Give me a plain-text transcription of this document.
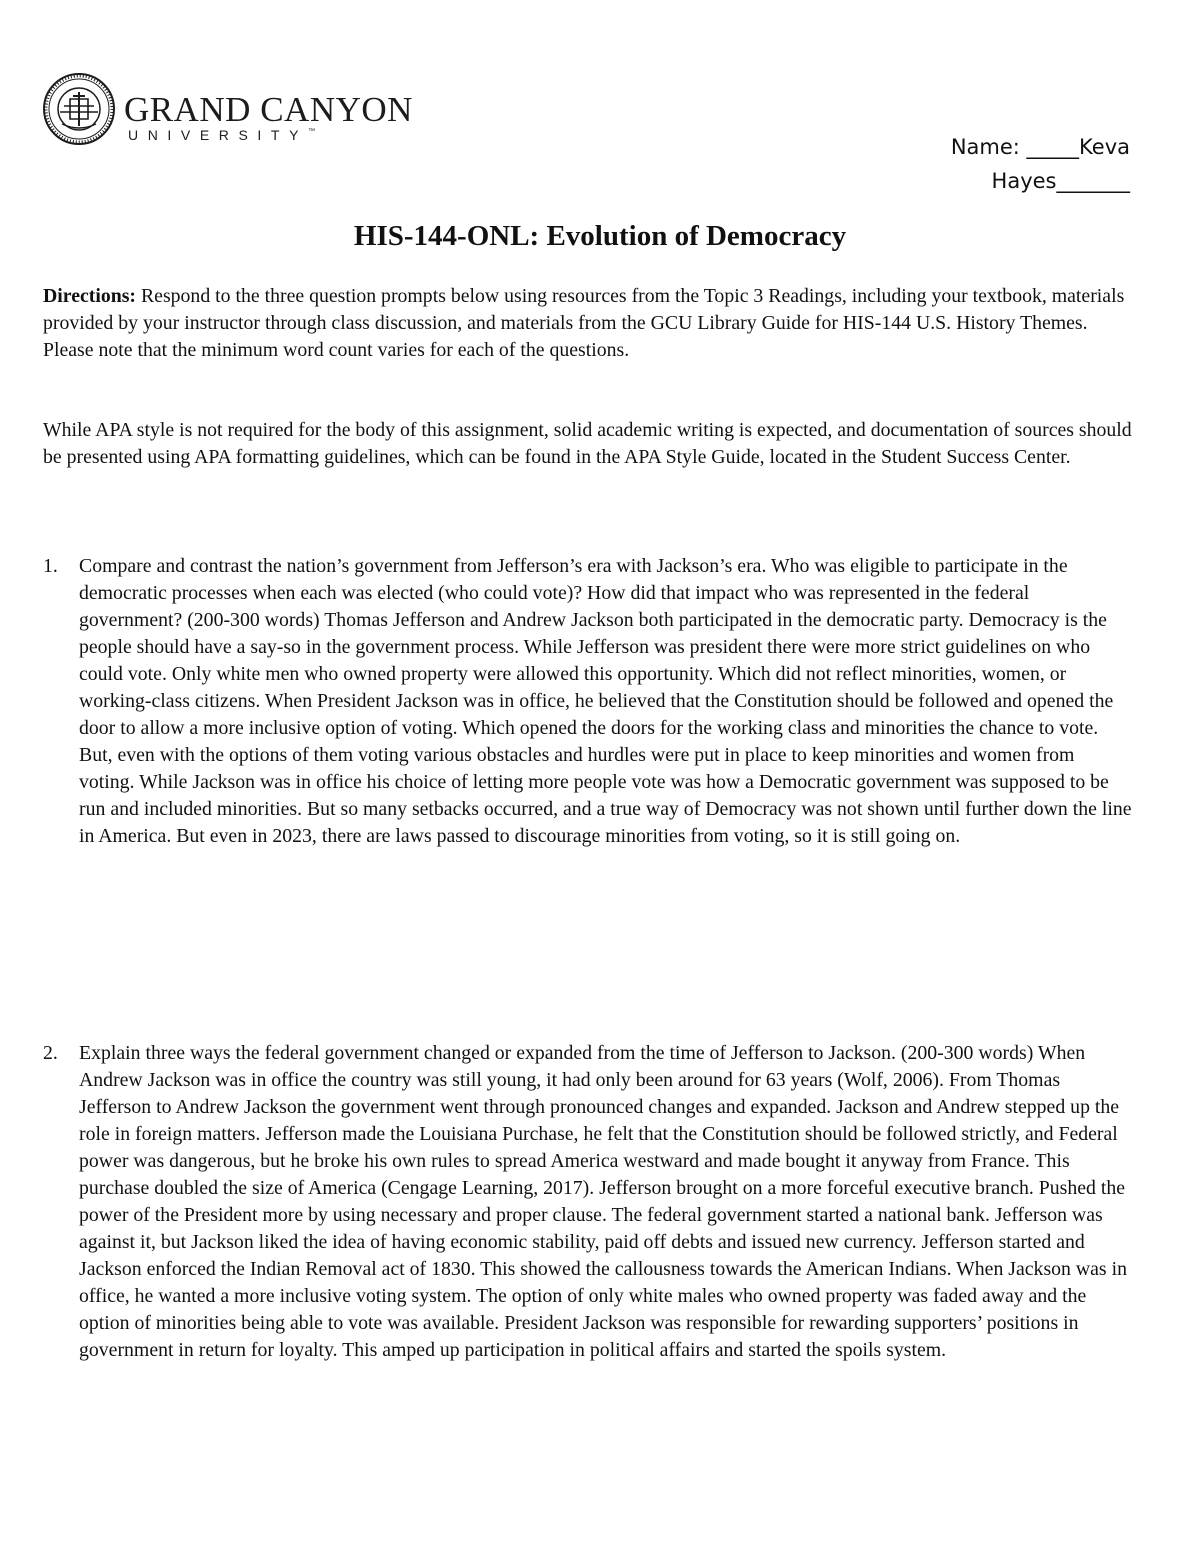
GRAND CANYON
UNIVERSITY™
Name: _____Keva
Hayes_______
HIS-144-ONL: Evolution of Democracy

Directions: Respond to the three question prompts below using resources from the Topic 3 Readings, including your textbook, materials provided by your instructor through class discussion, and materials from the GCU Library Guide for HIS-144 U.S. History Themes. Please note that the minimum word count varies for each of the questions.

While APA style is not required for the body of this assignment, solid academic writing is expected, and documentation of sources should be presented using APA formatting guidelines, which can be found in the APA Style Guide, located in the Student Success Center.

1.	Compare and contrast the nation’s government from Jefferson’s era with Jackson’s era. Who was eligible to participate in the democratic processes when each was elected (who could vote)? How did that impact who was represented in the federal government? (200-300 words) Thomas Jefferson and Andrew Jackson both participated in the democratic party. Democracy is the people should have a say-so in the government process. While Jefferson was president there were more strict guidelines on who could vote. Only white men who owned property were allowed this opportunity. Which did not reflect minorities, women, or working-class citizens. When President Jackson was in office, he believed that the Constitution should be followed and opened the door to allow a more inclusive option of voting. Which opened the doors for the working class and minorities the chance to vote. But, even with the options of them voting various obstacles and hurdles were put in place to keep minorities and women from voting. While Jackson was in office his choice of letting more people vote was how a Democratic government was supposed to be run and included minorities. But so many setbacks occurred, and a true way of Democracy was not shown until further down the line in America. But even in 2023, there are laws passed to discourage minorities from voting, so it is still going on.
2.	Explain three ways the federal government changed or expanded from the time of Jefferson to Jackson. (200-300 words) When Andrew Jackson was in office the country was still young, it had only been around for 63 years (Wolf, 2006). From Thomas Jefferson to Andrew Jackson the government went through pronounced changes and expanded. Jackson and Andrew stepped up the role in foreign matters. Jefferson made the Louisiana Purchase, he felt that the Constitution should be followed strictly, and Federal power was dangerous, but he broke his own rules to spread America westward and made bought it anyway from France. This purchase doubled the size of America (Cengage Learning, 2017). Jefferson brought on a more forceful executive branch. Pushed the power of the President more by using necessary and proper clause. The federal government started a national bank. Jefferson was against it, but Jackson liked the idea of having economic stability, paid off debts and issued new currency. Jefferson started and Jackson enforced the Indian Removal act of 1830. This showed the callousness towards the American Indians. When Jackson was in office, he wanted a more inclusive voting system. The option of only white males who owned property was faded away and the option of minorities being able to vote was available. President Jackson was responsible for rewarding supporters’ positions in government in return for loyalty. This amped up participation in political affairs and started the spoils system.
